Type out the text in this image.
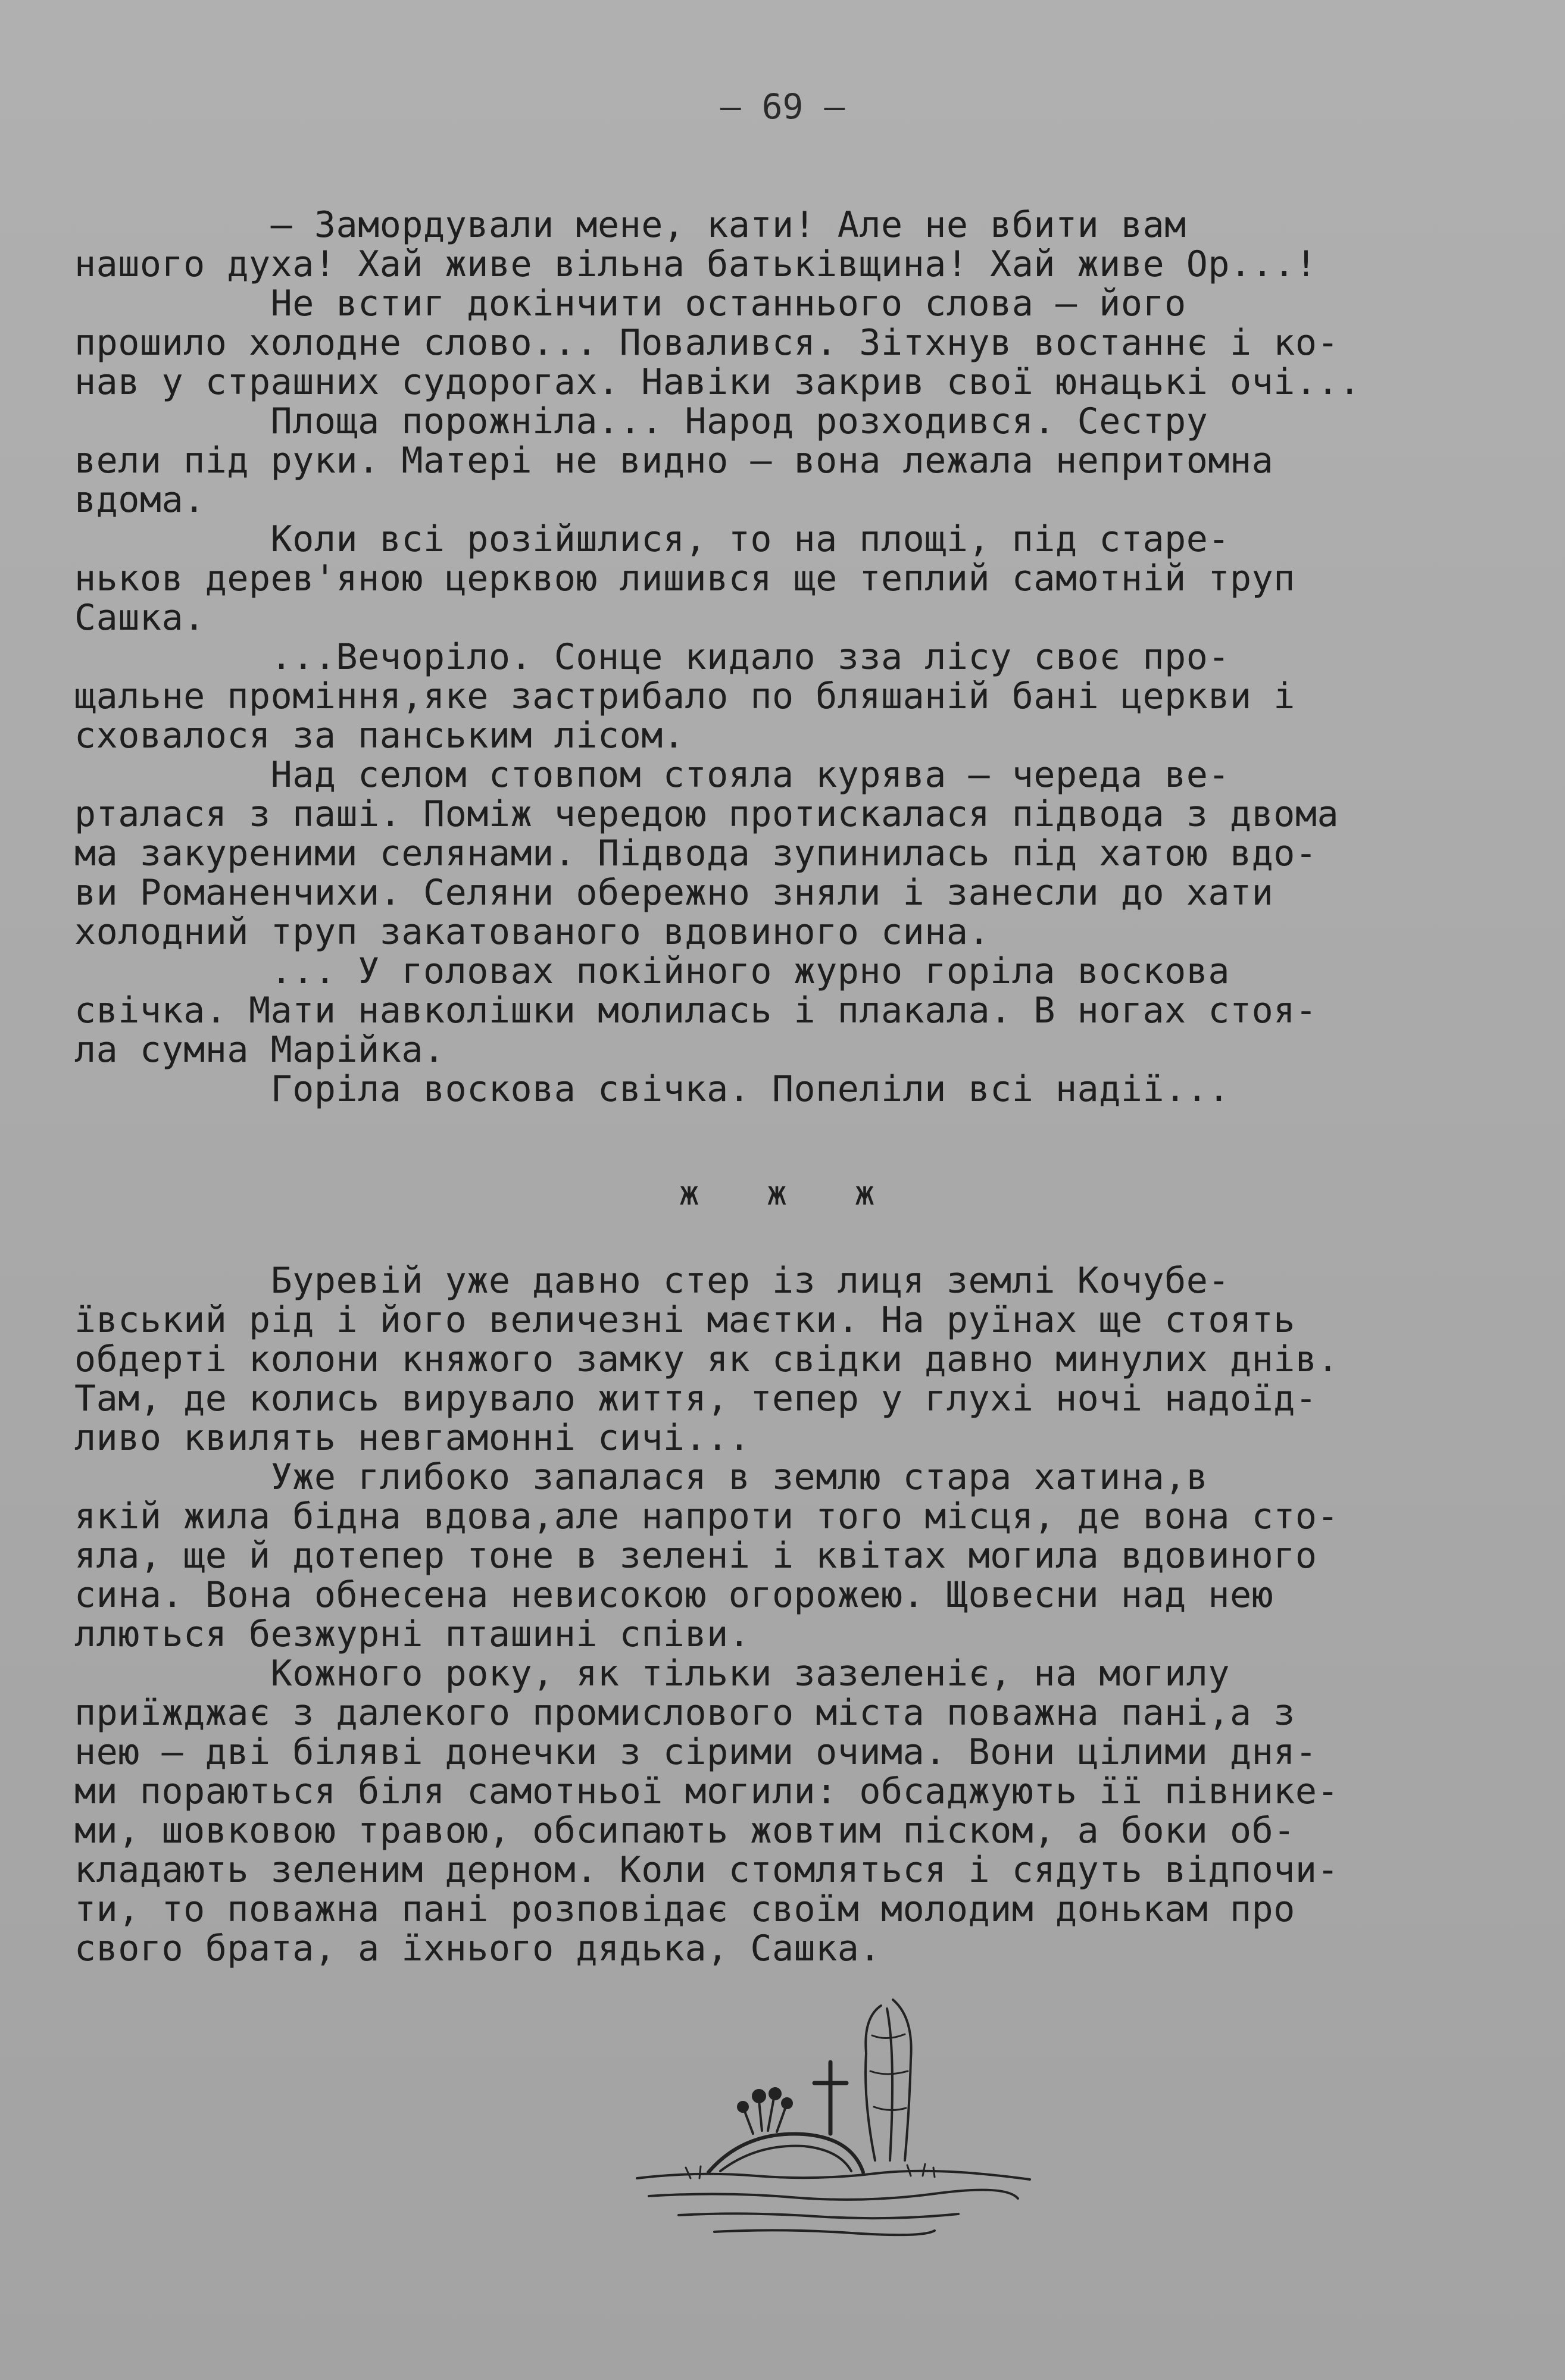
— 69 —
— Замордували мене, кати! Але не вбити вам
нашого духа! Хай живе вільна батьківщина! Хай живе Ор...!
Не встиг докінчити останнього слова — його
прошило холодне слово... Повалився. Зітхнув востаннє і ко-
нав у страшних судорогах. Навіки закрив свої юнацькі очі...
Площа порожніла... Народ розходився. Сестру
вели під руки. Матері не видно — вона лежала непритомна
вдома.
Коли всі розійшлися, то на площі, під старе-
ньков дерев'яною церквою лишився ще теплий самотній труп
Сашка.
...Вечоріло. Сонце кидало зза лісу своє про-
щальне проміння,яке застрибало по бляшаній бані церкви і
сховалося за панським лісом.
Над селом стовпом стояла курява — череда ве-
рталася з паші. Поміж чередою протискалася підвода з двома
ма закуреними селянами. Підвода зупинилась під хатою вдо-
ви Романенчихи. Селяни обережно зняли і занесли до хати
холодний труп закатованого вдовиного сина.
... У головах покійного журно горіла воскова
свічка. Мати навколішки молилась і плакала. В ногах стоя-
ла сумна Марійка.
Горіла воскова свічка. Попеліли всі надії...
ж ж ж
Буревій уже давно стер із лиця землі Кочубе-
ївський рід і його величезні маєтки. На руїнах ще стоять
обдерті колони княжого замку як свідки давно минулих днів.
Там, де колись вирувало життя, тепер у глухі ночі надоїд-
ливо квилять невгамонні сичі...
Уже глибоко запалася в землю стара хатина,в
якій жила бідна вдова,але напроти того місця, де вона сто-
яла, ще й дотепер тоне в зелені і квітах могила вдовиного
сина. Вона обнесена невисокою огорожею. Щовесни над нею
ллються безжурні пташині співи.
Кожного року, як тільки зазеленіє, на могилу
приїжджає з далекого промислового міста поважна пані,а з
нею — дві біляві донечки з сірими очима. Вони цілими дня-
ми пораються біля самотньої могили: обсаджують її півнике-
ми, шовковою травою, обсипають жовтим піском, а боки об-
кладають зеленим дерном. Коли стомляться і сядуть відпочи-
ти, то поважна пані розповідає своїм молодим донькам про
свого брата, а їхнього дядька, Сашка.
